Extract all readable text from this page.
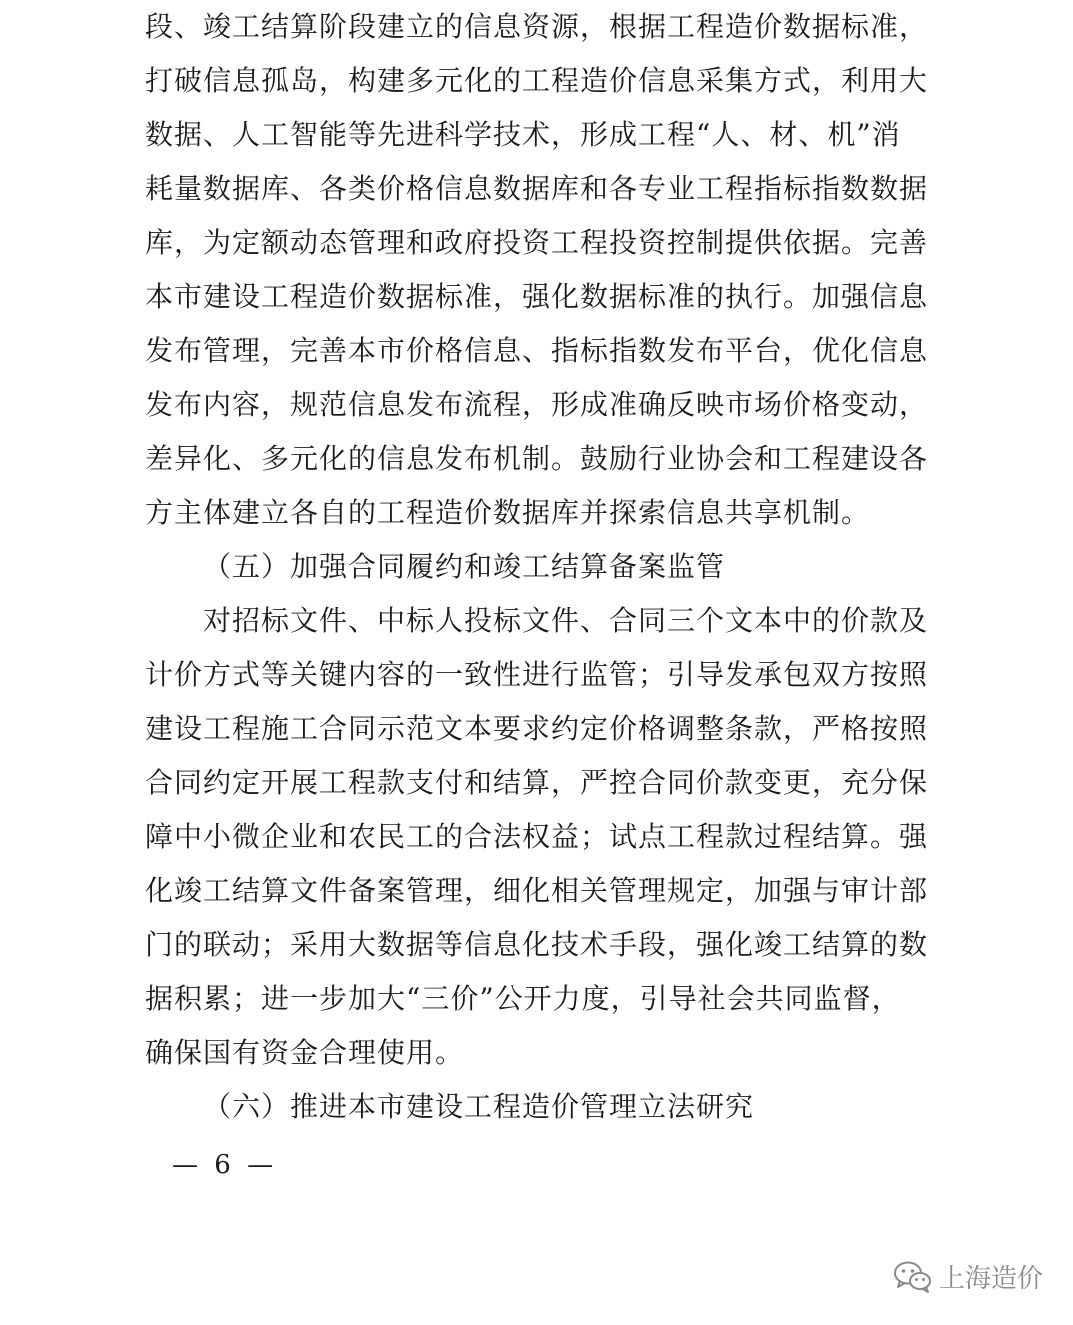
段、竣工结算阶段建立的信息资源，根据工程造价数据标准，
打破信息孤岛，构建多元化的工程造价信息采集方式，利用大
数据、人工智能等先进科学技术，形成工程“人、材、机”消
耗量数据库、各类价格信息数据库和各专业工程指标指数数据
库，为定额动态管理和政府投资工程投资控制提供依据。完善
本市建设工程造价数据标准，强化数据标准的执行。加强信息
发布管理，完善本市价格信息、指标指数发布平台，优化信息
发布内容，规范信息发布流程，形成准确反映市场价格变动，
差异化、多元化的信息发布机制。鼓励行业协会和工程建设各
方主体建立各自的工程造价数据库并探索信息共享机制。
（五）加强合同履约和竣工结算备案监管
对招标文件、中标人投标文件、合同三个文本中的价款及
计价方式等关键内容的一致性进行监管；引导发承包双方按照
建设工程施工合同示范文本要求约定价格调整条款，严格按照
合同约定开展工程款支付和结算，严控合同价款变更，充分保
障中小微企业和农民工的合法权益；试点工程款过程结算。强
化竣工结算文件备案管理，细化相关管理规定，加强与审计部
门的联动；采用大数据等信息化技术手段，强化竣工结算的数
据积累；进一步加大“三价”公开力度，引导社会共同监督，
确保国有资金合理使用。
（六）推进本市建设工程造价管理立法研究
— 6 —
上海造价
